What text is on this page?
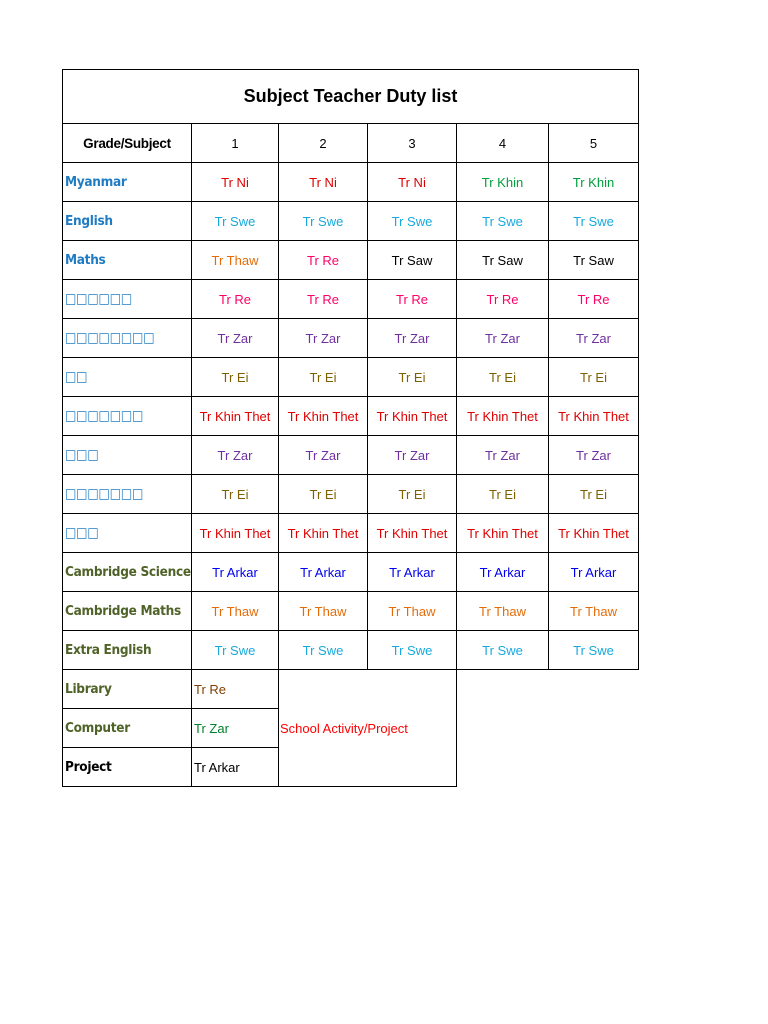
Subject Teacher Duty list					
Grade/Subject	1	2	3	4	5
Myanmar	Tr Ni	Tr Ni	Tr Ni	Tr Khin	Tr Khin
English	Tr Swe	Tr Swe	Tr Swe	Tr Swe	Tr Swe
Maths	Tr Thaw	Tr Re	Tr Saw	Tr Saw	Tr Saw
□□□□□□	Tr Re	Tr Re	Tr Re	Tr Re	Tr Re
□□□□□□□□	Tr Zar	Tr Zar	Tr Zar	Tr Zar	Tr Zar
□□	Tr Ei	Tr Ei	Tr Ei	Tr Ei	Tr Ei
□□□□□□□	Tr Khin Thet	Tr Khin Thet	Tr Khin Thet	Tr Khin Thet	Tr Khin Thet
□□□	Tr Zar	Tr Zar	Tr Zar	Tr Zar	Tr Zar
□□□□□□□	Tr Ei	Tr Ei	Tr Ei	Tr Ei	Tr Ei
□□□	Tr Khin Thet	Tr Khin Thet	Tr Khin Thet	Tr Khin Thet	Tr Khin Thet
Cambridge Science	Tr Arkar	Tr Arkar	Tr Arkar	Tr Arkar	Tr Arkar
Cambridge Maths	Tr Thaw	Tr Thaw	Tr Thaw	Tr Thaw	Tr Thaw
Extra English	Tr Swe	Tr Swe	Tr Swe	Tr Swe	Tr Swe
Library	Tr Re	School Activity/Project			
Computer	Tr Zar				
Project	Tr Arkar				
